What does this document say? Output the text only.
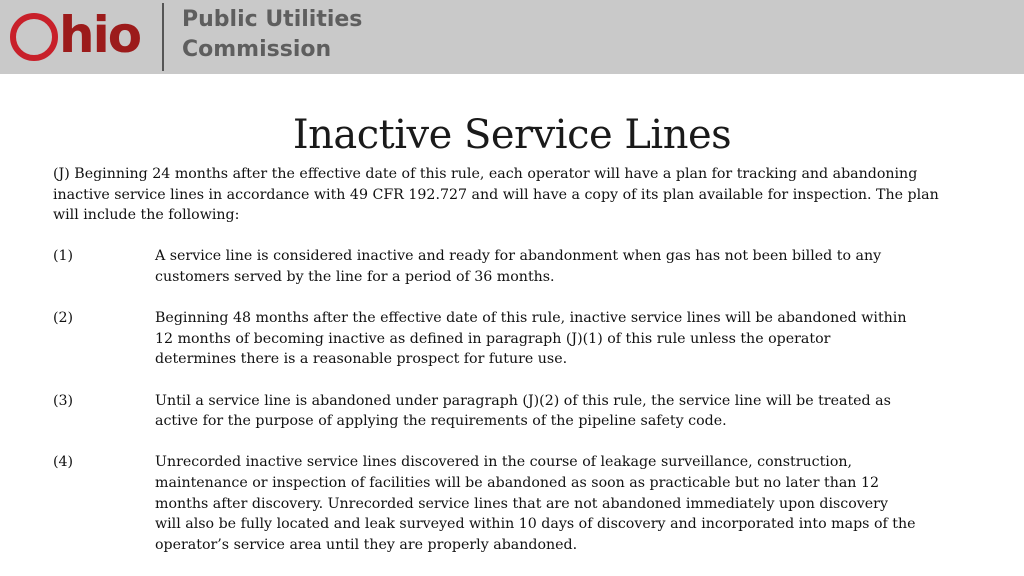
hio Public Utilities
Commission
Inactive Service Lines
(J) Beginning 24 months after the effective date of this rule, each operator will have a plan for tracking and abandoning
inactive service lines in accordance with 49 CFR 192.727 and will have a copy of its plan available for inspection. The plan
will include the following:
(1)	A service line is considered inactive and ready for abandonment when gas has not been billed to any
customers served by the line for a period of 36 months.
(2)	Beginning 48 months after the effective date of this rule, inactive service lines will be abandoned within
12 months of becoming inactive as defined in paragraph (J)(1) of this rule unless the operator
determines there is a reasonable prospect for future use.
(3)	Until a service line is abandoned under paragraph (J)(2) of this rule, the service line will be treated as
active for the purpose of applying the requirements of the pipeline safety code.
(4)	Unrecorded inactive service lines discovered in the course of leakage surveillance, construction,
maintenance or inspection of facilities will be abandoned as soon as practicable but no later than 12
months after discovery. Unrecorded service lines that are not abandoned immediately upon discovery
will also be fully located and leak surveyed within 10 days of discovery and incorporated into maps of the
operator’s service area until they are properly abandoned.
